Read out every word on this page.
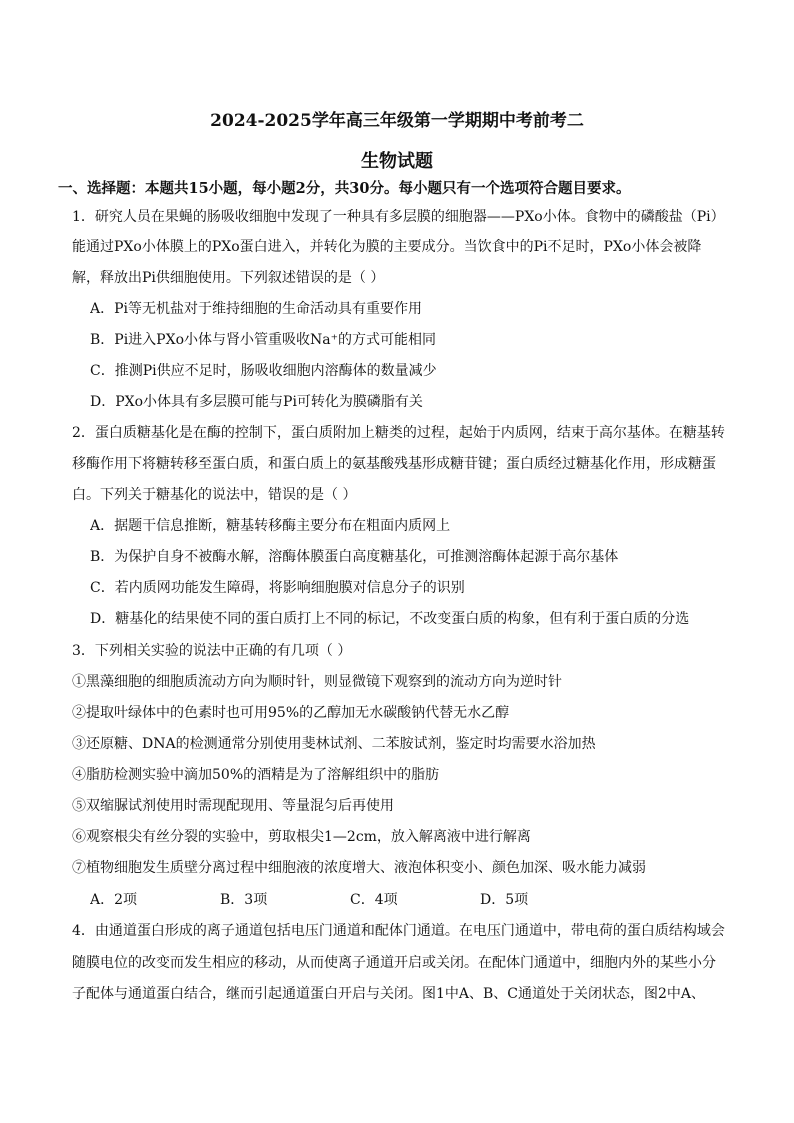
2024-2025学年高三年级第一学期期中考前考二
生物试题
一、选择题：本题共15小题，每小题2分，共30分。每小题只有一个选项符合题目要求。
1．研究人员在果蝇的肠吸收细胞中发现了一种具有多层膜的细胞器——PXo小体。食物中的磷酸盐（Pi）
能通过PXo小体膜上的PXo蛋白进入，并转化为膜的主要成分。当饮食中的Pi不足时，PXo小体会被降
解，释放出Pi供细胞使用。下列叙述错误的是（ ）
A．Pi等无机盐对于维持细胞的生命活动具有重要作用
B．Pi进入PXo小体与肾小管重吸收Na⁺的方式可能相同
C．推测Pi供应不足时，肠吸收细胞内溶酶体的数量减少
D．PXo小体具有多层膜可能与Pi可转化为膜磷脂有关
2．蛋白质糖基化是在酶的控制下，蛋白质附加上糖类的过程，起始于内质网，结束于高尔基体。在糖基转
移酶作用下将糖转移至蛋白质，和蛋白质上的氨基酸残基形成糖苷键；蛋白质经过糖基化作用，形成糖蛋
白。下列关于糖基化的说法中，错误的是（ ）
A．据题干信息推断，糖基转移酶主要分布在粗面内质网上
B．为保护自身不被酶水解，溶酶体膜蛋白高度糖基化，可推测溶酶体起源于高尔基体
C．若内质网功能发生障碍，将影响细胞膜对信息分子的识别
D．糖基化的结果使不同的蛋白质打上不同的标记，不改变蛋白质的构象，但有利于蛋白质的分选
3．下列相关实验的说法中正确的有几项（ ）
①黑藻细胞的细胞质流动方向为顺时针，则显微镜下观察到的流动方向为逆时针
②提取叶绿体中的色素时也可用95%的乙醇加无水碳酸钠代替无水乙醇
③还原糖、DNA的检测通常分别使用斐林试剂、二苯胺试剂，鉴定时均需要水浴加热
④脂肪检测实验中滴加50%的酒精是为了溶解组织中的脂肪
⑤双缩脲试剂使用时需现配现用、等量混匀后再使用
⑥观察根尖有丝分裂的实验中，剪取根尖1—2cm，放入解离液中进行解离
⑦植物细胞发生质壁分离过程中细胞液的浓度增大、液泡体积变小、颜色加深、吸水能力减弱
A．2项	B．3项	C．4项	D．5项
4．由通道蛋白形成的离子通道包括电压门通道和配体门通道。在电压门通道中，带电荷的蛋白质结构域会
随膜电位的改变而发生相应的移动，从而使离子通道开启或关闭。在配体门通道中，细胞内外的某些小分
子配体与通道蛋白结合，继而引起通道蛋白开启与关闭。图1中A、B、C通道处于关闭状态，图2中A、
